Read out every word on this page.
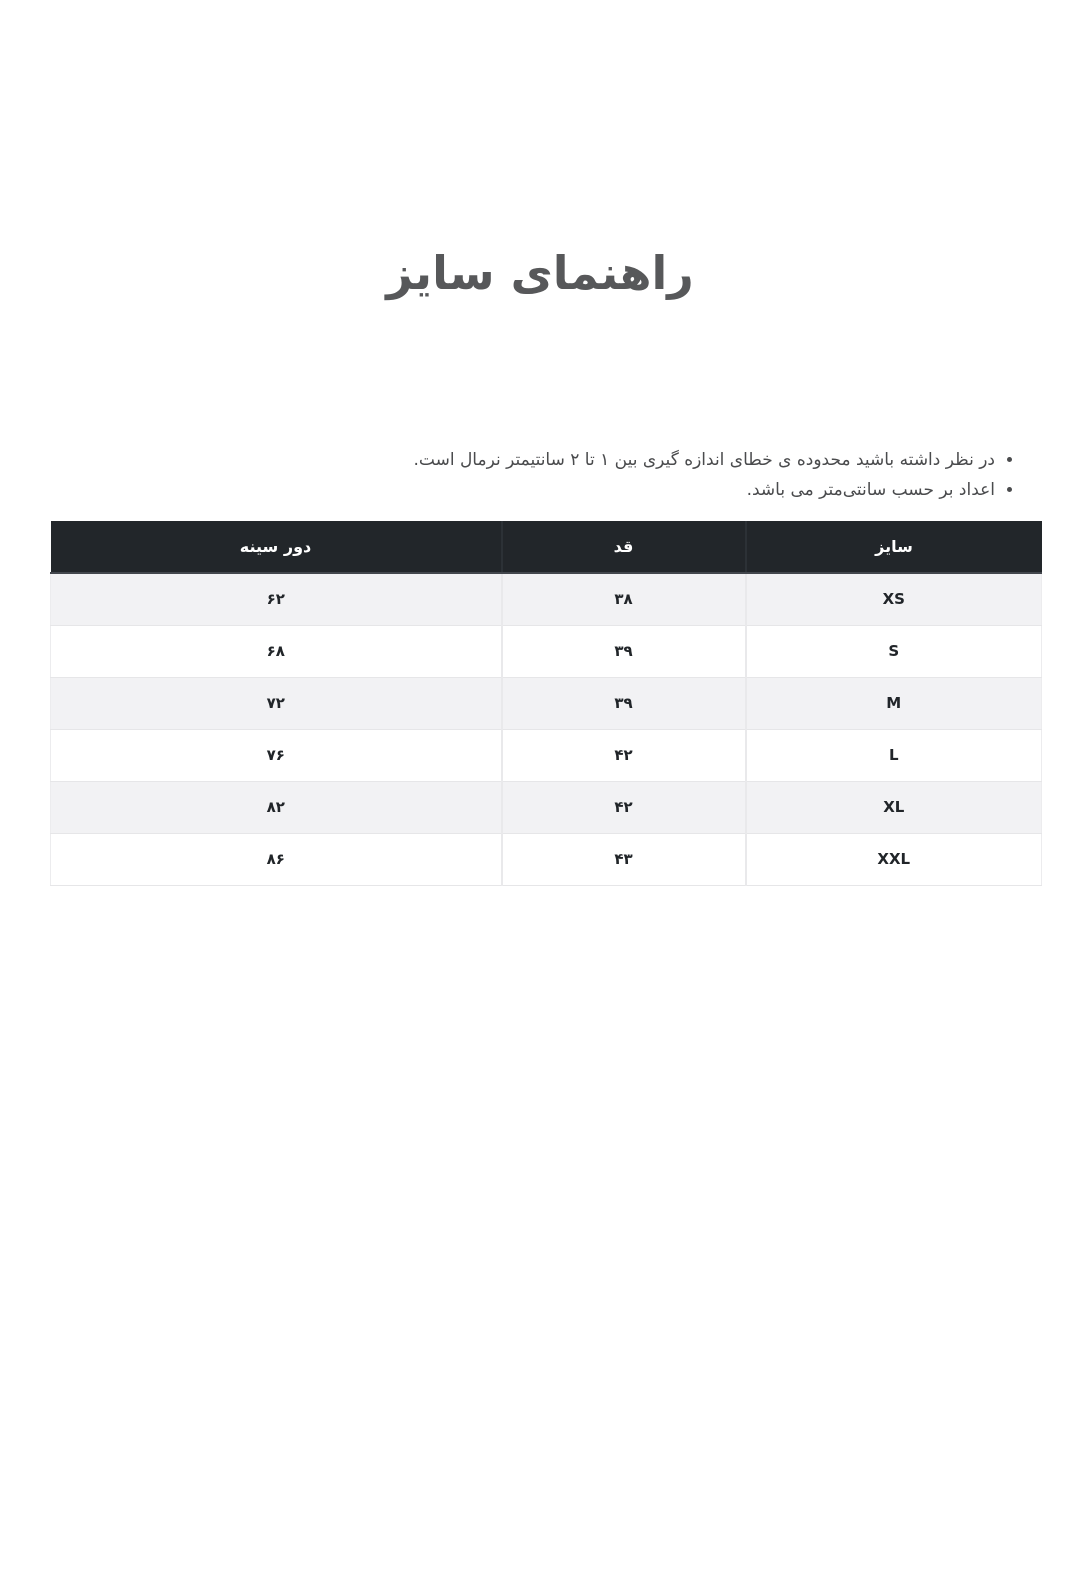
راهنمای سایز
• در نظر داشته باشید محدوده ی خطای اندازه گیری بین ۱ تا ۲ سانتیمتر نرمال است.
• اعداد بر حسب سانتی‌متر می باشد.
سایز	قد	دور سینه
XS	۳۸	۶۲
S	۳۹	۶۸
M	۳۹	۷۲
L	۴۲	۷۶
XL	۴۲	۸۲
XXL	۴۳	۸۶
